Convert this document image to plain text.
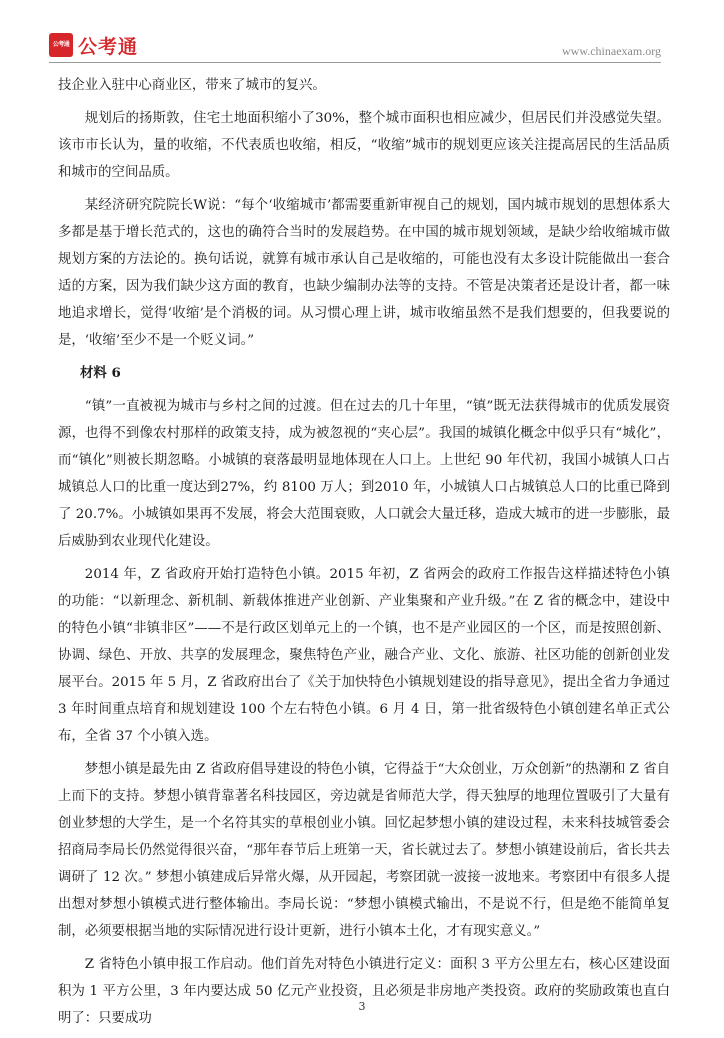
公考通 公考通	www.chinaexam.org

技企业入驻中心商业区，带来了城市的复兴。

规划后的扬斯敦，住宅土地面积缩小了30%，整个城市面积也相应减少，但居民们并没感觉失望。该市市长认为，量的收缩，不代表质也收缩，相反，“收缩”城市的规划更应该关注提高居民的生活品质和城市的空间品质。

某经济研究院院长W说：“每个‘收缩城市’都需要重新审视自己的规划，国内城市规划的思想体系大多都是基于增长范式的，这也的确符合当时的发展趋势。在中国的城市规划领域，是缺少给收缩城市做规划方案的方法论的。换句话说，就算有城市承认自己是收缩的，可能也没有太多设计院能做出一套合适的方案，因为我们缺少这方面的教育，也缺少编制办法等的支持。不管是决策者还是设计者，都一味地追求增长，觉得‘收缩’是个消极的词。从习惯心理上讲，城市收缩虽然不是我们想要的，但我要说的是，‘收缩’至少不是一个贬义词。”

材料 6

“镇”一直被视为城市与乡村之间的过渡。但在过去的几十年里，“镇”既无法获得城市的优质发展资源，也得不到像农村那样的政策支持，成为被忽视的“夹心层”。我国的城镇化概念中似乎只有“城化”，而“镇化”则被长期忽略。小城镇的衰落最明显地体现在人口上。上世纪 90 年代初，我国小城镇人口占城镇总人口的比重一度达到27%，约 8100 万人；到2010 年，小城镇人口占城镇总人口的比重已降到了 20.7%。小城镇如果再不发展，将会大范围衰败，人口就会大量迁移，造成大城市的进一步膨胀，最后威胁到农业现代化建设。

2014 年，Z 省政府开始打造特色小镇。2015 年初，Z 省两会的政府工作报告这样描述特色小镇的功能：“以新理念、新机制、新载体推进产业创新、产业集聚和产业升级。”在 Z 省的概念中，建设中的特色小镇“非镇非区”——不是行政区划单元上的一个镇，也不是产业园区的一个区，而是按照创新、协调、绿色、开放、共享的发展理念，聚焦特色产业，融合产业、文化、旅游、社区功能的创新创业发展平台。2015 年 5 月，Z 省政府出台了《关于加快特色小镇规划建设的指导意见》，提出全省力争通过 3 年时间重点培育和规划建设 100 个左右特色小镇。6 月 4 日，第一批省级特色小镇创建名单正式公布，全省 37 个小镇入选。

梦想小镇是最先由 Z 省政府倡导建设的特色小镇，它得益于“大众创业，万众创新”的热潮和 Z 省自上而下的支持。梦想小镇背靠著名科技园区，旁边就是省师范大学，得天独厚的地理位置吸引了大量有创业梦想的大学生，是一个名符其实的草根创业小镇。回忆起梦想小镇的建设过程，未来科技城管委会招商局李局长仍然觉得很兴奋，“那年春节后上班第一天，省长就过去了。梦想小镇建设前后，省长共去调研了 12 次。” 梦想小镇建成后异常火爆，从开园起，考察团就一波接一波地来。考察团中有很多人提出想对梦想小镇模式进行整体输出。李局长说：“梦想小镇模式输出，不是说不行，但是绝不能简单复制，必须要根据当地的实际情况进行设计更新，进行小镇本土化，才有现实意义。”

Z 省特色小镇申报工作启动。他们首先对特色小镇进行定义：面积 3 平方公里左右，核心区建设面积为 1 平方公里，3 年内要达成 50 亿元产业投资，且必须是非房地产类投资。政府的奖励政策也直白明了：只要成功

3
